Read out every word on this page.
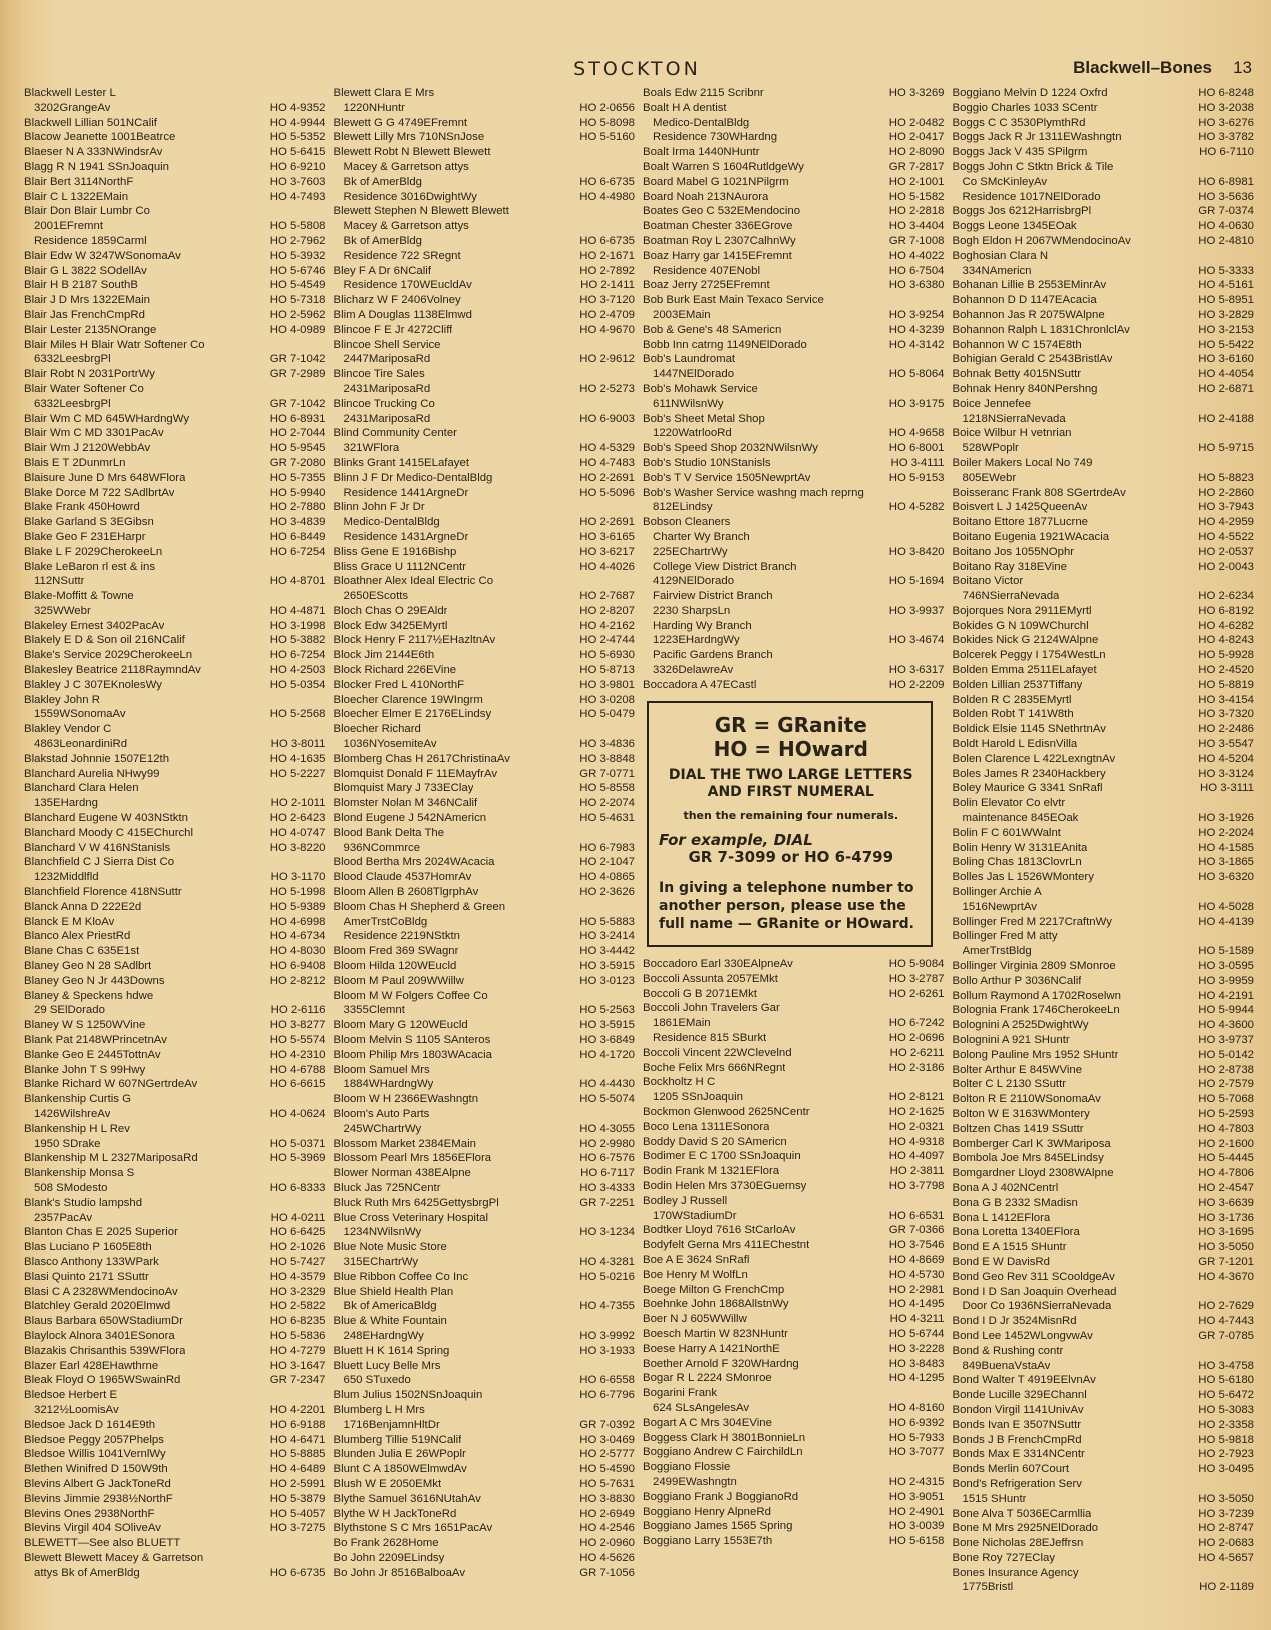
STOCKTON	Blackwell–Bones 13
Blackwell Lester L
3202GrangeAv	HO 4-9352
Blackwell Lillian 501NCalif	HO 4-9944
Blacow Jeanette 1001Beatrce	HO 5-5352
Blaeser N A 333NWindsrAv	HO 5-6415
Blagg R N 1941 SSnJoaquin	HO 6-9210
Blair Bert 3114NorthF	HO 3-7603
Blair C L 1322EMain	HO 4-7493
Blair Don Blair Lumbr Co
2001EFremnt	HO 5-5808
Residence 1859Carml	HO 2-7962
Blair Edw W 3247WSonomaAv	HO 5-3932
Blair G L 3822 SOdellAv	HO 5-6746
Blair H B 2187 SouthB	HO 5-4549
Blair J D Mrs 1322EMain	HO 5-7318
Blair Jas FrenchCmpRd	HO 2-5962
Blair Lester 2135NOrange	HO 4-0989
Blair Miles H Blair Watr Softener Co
6332LeesbrgPl	GR 7-1042
Blair Robt N 2031PortrWy	GR 7-2989
Blair Water Softener Co
6332LeesbrgPl	GR 7-1042
Blair Wm C MD 645WHardngWy	HO 6-8931
Blair Wm C MD 3301PacAv	HO 2-7044
Blair Wm J 2120WebbAv	HO 5-9545
Blais E T 2DunmrLn	GR 7-2080
Blaisure June D Mrs 648WFlora	HO 5-7355
Blake Dorce M 722 SAdlbrtAv	HO 5-9940
Blake Frank 450Howrd	HO 2-7880
Blake Garland S 3EGibsn	HO 3-4839
Blake Geo F 231EHarpr	HO 6-8449
Blake L F 2029CherokeeLn	HO 6-7254
Blake LeBaron rl est & ins
112NSuttr	HO 4-8701
Blake-Moffitt & Towne
325WWebr	HO 4-4871
Blakeley Ernest 3402PacAv	HO 3-1998
Blakely E D & Son oil 216NCalif	HO 5-3882
Blake's Service 2029CherokeeLn	HO 6-7254
Blakesley Beatrice 2118RaymndAv	HO 4-2503
Blakley J C 307EKnolesWy	HO 5-0354
Blakley John R
1559WSonomaAv	HO 5-2568
Blakley Vendor C
4863LeonardiniRd	HO 3-8011
Blakstad Johnnie 1507E12th	HO 4-1635
Blanchard Aurelia NHwy99	HO 5-2227
Blanchard Clara Helen
135EHardng	HO 2-1011
Blanchard Eugene W 403NStktn	HO 2-6423
Blanchard Moody C 415EChurchl	HO 4-0747
Blanchard V W 416NStanisls	HO 3-8220
Blanchfield C J Sierra Dist Co
1232Middlfld	HO 3-1170
Blanchfield Florence 418NSuttr	HO 5-1998
Blanck Anna D 222E2d	HO 5-9389
Blanck E M KloAv	HO 4-6998
Blanco Alex PriestRd	HO 4-6734
Blane Chas C 635E1st	HO 4-8030
Blaney Geo N 28 SAdlbrt	HO 6-9408
Blaney Geo N Jr 443Downs	HO 2-8212
Blaney & Speckens hdwe
29 SElDorado	HO 2-6116
Blaney W S 1250WVine	HO 3-8277
Blank Pat 2148WPrincetnAv	HO 5-5574
Blanke Geo E 2445TottnAv	HO 4-2310
Blanke John T S 99Hwy	HO 4-6788
Blanke Richard W 607NGertrdeAv	HO 6-6615
Blankenship Curtis G
1426WilshreAv	HO 4-0624
Blankenship H L Rev
1950 SDrake	HO 5-0371
Blankenship M L 2327MariposaRd	HO 5-3969
Blankenship Monsa S
508 SModesto	HO 6-8333
Blank's Studio lampshd
2357PacAv	HO 4-0211
Blanton Chas E 2025 Superior	HO 6-6425
Blas Luciano P 1605E8th	HO 2-1026
Blasco Anthony 133WPark	HO 5-7427
Blasi Quinto 2171 SSuttr	HO 4-3579
Blasi C A 2328WMendocinoAv	HO 3-2329
Blatchley Gerald 2020Elmwd	HO 2-5822
Blaus Barbara 650WStadiumDr	HO 6-8235
Blaylock Alnora 3401ESonora	HO 5-5836
Blazakis Chrisanthis 539WFlora	HO 4-7279
Blazer Earl 428EHawthrne	HO 3-1647
Bleak Floyd O 1965WSwainRd	GR 7-2347
Bledsoe Herbert E
3212½LoomisAv	HO 4-2201
Bledsoe Jack D 1614E9th	HO 6-9188
Bledsoe Peggy 2057Phelps	HO 4-6471
Bledsoe Willis 1041VernlWy	HO 5-8885
Blethen Winifred D 150W9th	HO 4-6489
Blevins Albert G JackToneRd	HO 2-5991
Blevins Jimmie 2938½NorthF	HO 5-3879
Blevins Ones 2938NorthF	HO 5-4057
Blevins Virgil 404 SOliveAv	HO 3-7275
BLEWETT—See also BLUETT
Blewett Blewett Macey & Garretson
attys Bk of AmerBldg	HO 6-6735
Blewett Clara E Mrs
1220NHuntr	HO 2-0656
Blewett G G 4749EFremnt	HO 5-8098
Blewett Lilly Mrs 710NSnJose	HO 5-5160
Blewett Robt N Blewett Blewett
Macey & Garretson attys
Bk of AmerBldg	HO 6-6735
Residence 3016DwightWy	HO 4-4980
Blewett Stephen N Blewett Blewett
Macey & Garretson attys
Bk of AmerBldg	HO 6-6735
Residence 722 SRegnt	HO 2-1671
Bley F A Dr 6NCalif	HO 2-7892
Residence 170WEucldAv	HO 2-1411
Blicharz W F 2406Volney	HO 3-7120
Blim A Douglas 1138Elmwd	HO 2-4709
Blincoe F E Jr 4272Cliff	HO 4-9670
Blincoe Shell Service
2447MariposaRd	HO 2-9612
Blincoe Tire Sales
2431MariposaRd	HO 2-5273
Blincoe Trucking Co
2431MariposaRd	HO 6-9003
Blind Community Center
321WFlora	HO 4-5329
Blinks Grant 1415ELafayet	HO 4-7483
Blinn J F Dr Medico-DentalBldg	HO 2-2691
Residence 1441ArgneDr	HO 5-5096
Blinn John F Jr Dr
Medico-DentalBldg	HO 2-2691
Residence 1431ArgneDr	HO 3-6165
Bliss Gene E 1916Bishp	HO 3-6217
Bliss Grace U 1112NCentr	HO 4-4026
Bloathner Alex Ideal Electric Co
2650EScotts	HO 2-7687
Bloch Chas O 29EAldr	HO 2-8207
Block Edw 3425EMyrtl	HO 4-2162
Block Henry F 2117½EHazltnAv	HO 2-4744
Block Jim 2144E6th	HO 5-6930
Block Richard 226EVine	HO 5-8713
Blocker Fred L 410NorthF	HO 3-9801
Bloecher Clarence 19WIngrm	HO 3-0208
Bloecher Elmer E 2176ELindsy	HO 5-0479
Bloecher Richard
1036NYosemiteAv	HO 3-4836
Blomberg Chas H 2617ChristinaAv	HO 3-8848
Blomquist Donald F 11EMayfrAv	GR 7-0771
Blomquist Mary J 733EClay	HO 5-8558
Blomster Nolan M 346NCalif	HO 2-2074
Blond Eugene J 542NAmericn	HO 5-4631
Blood Bank Delta The
936NCommrce	HO 6-7983
Blood Bertha Mrs 2024WAcacia	HO 2-1047
Blood Claude 4537HomrAv	HO 4-0865
Bloom Allen B 2608TlgrphAv	HO 2-3626
Bloom Chas H Shepherd & Green
AmerTrstCoBldg	HO 5-5883
Residence 2219NStktn	HO 3-2414
Bloom Fred 369 SWagnr	HO 3-4442
Bloom Hilda 120WEucld	HO 3-5915
Bloom M Paul 209WWillw	HO 3-0123
Bloom M W Folgers Coffee Co
3355Clemnt	HO 5-2563
Bloom Mary G 120WEucld	HO 3-5915
Bloom Melvin S 1105 SAnteros	HO 3-6849
Bloom Philip Mrs 1803WAcacia	HO 4-1720
Bloom Samuel Mrs
1884WHardngWy	HO 4-4430
Bloom W H 2366EWashngtn	HO 5-5074
Bloom's Auto Parts
245WChartrWy	HO 4-3055
Blossom Market 2384EMain	HO 2-9980
Blossom Pearl Mrs 1856EFlora	HO 6-7576
Blower Norman 438EAlpne	HO 6-7117
Bluck Jas 725NCentr	HO 3-4333
Bluck Ruth Mrs 6425GettysbrgPl	GR 7-2251
Blue Cross Veterinary Hospital
1234NWilsnWy	HO 3-1234
Blue Note Music Store
315EChartrWy	HO 4-3281
Blue Ribbon Coffee Co Inc	HO 5-0216
Blue Shield Health Plan
Bk of AmericaBldg	HO 4-7355
Blue & White Fountain
248EHardngWy	HO 3-9992
Bluett H K 1614 Spring	HO 3-1933
Bluett Lucy Belle Mrs
650 STuxedo	HO 6-6558
Blum Julius 1502NSnJoaquin	HO 6-7796
Blumberg L H Mrs
1716BenjamnHltDr	GR 7-0392
Blumberg Tillie 519NCalif	HO 3-0469
Blunden Julia E 26WPoplr	HO 2-5777
Blunt C A 1850WElmwdAv	HO 5-4590
Blush W E 2050EMkt	HO 5-7631
Blythe Samuel 3616NUtahAv	HO 3-8830
Blythe W H JackToneRd	HO 2-6949
Blythstone S C Mrs 1651PacAv	HO 4-2546
Bo Frank 2628Home	HO 2-0960
Bo John 2209ELindsy	HO 4-5626
Bo John Jr 8516BalboaAv	GR 7-1056
Boals Edw 2115 Scribnr	HO 3-3269
Boalt H A dentist
Medico-DentalBldg	HO 2-0482
Residence 730WHardng	HO 2-0417
Boalt Irma 1440NHuntr	HO 2-8090
Boalt Warren S 1604RutldgeWy	GR 7-2817
Board Mabel G 1021NPilgrm	HO 2-1001
Board Noah 213NAurora	HO 5-1582
Boates Geo C 532EMendocino	HO 2-2818
Boatman Chester 336EGrove	HO 3-4404
Boatman Roy L 2307CalhnWy	GR 7-1008
Boaz Harry gar 1415EFremnt	HO 4-4022
Residence 407ENobl	HO 6-7504
Boaz Jerry 2725EFremnt	HO 3-6380
Bob Burk East Main Texaco Service
2003EMain	HO 3-9254
Bob & Gene's 48 SAmericn	HO 4-3239
Bobb Inn catrng 1149NElDorado	HO 4-3142
Bob's Laundromat
1447NElDorado	HO 5-8064
Bob's Mohawk Service
611NWilsnWy	HO 3-9175
Bob's Sheet Metal Shop
1220WatrlooRd	HO 4-9658
Bob's Speed Shop 2032NWilsnWy	HO 6-8001
Bob's Studio 10NStanisls	HO 3-4111
Bob's T V Service 1505NewprtAv	HO 5-9153
Bob's Washer Service washng mach reprng
812ELindsy	HO 4-5282
Bobson Cleaners
Charter Wy Branch
225EChartrWy	HO 3-8420
College View District Branch
4129NElDorado	HO 5-1694
Fairview District Branch
2230 SharpsLn	HO 3-9937
Harding Wy Branch
1223EHardngWy	HO 3-4674
Pacific Gardens Branch
3326DelawreAv	HO 3-6317
Boccadora A 47ECastl	HO 2-2209
GR = GRanite
HO = HOward
DIAL THE TWO LARGE LETTERS AND FIRST NUMERAL
then the remaining four numerals.
For example, DIAL
GR 7-3099 or HO 6-4799
In giving a telephone number to another person, please use the full name — GRanite or HOward.
Boccadoro Earl 330EAlpneAv	HO 5-9084
Boccoli Assunta 2057EMkt	HO 3-2787
Boccoli G B 2071EMkt	HO 2-6261
Boccoli John Travelers Gar
1861EMain	HO 6-7242
Residence 815 SBurkt	HO 2-0696
Boccoli Vincent 22WClevelnd	HO 2-6211
Boche Felix Mrs 666NRegnt	HO 2-3186
Bockholtz H C
1205 SSnJoaquin	HO 2-8121
Bockmon Glenwood 2625NCentr	HO 2-1625
Boco Lena 1311ESonora	HO 2-0321
Boddy David S 20 SAmericn	HO 4-9318
Bodimer E C 1700 SSnJoaquin	HO 4-4097
Bodin Frank M 1321EFlora	HO 2-3811
Bodin Helen Mrs 3730EGuernsy	HO 3-7798
Bodley J Russell
170WStadiumDr	HO 6-6531
Bodtker Lloyd 7616 StCarloAv	GR 7-0366
Bodyfelt Gerna Mrs 411EChestnt	HO 3-7546
Boe A E 3624 SnRafl	HO 4-8669
Boe Henry M WolfLn	HO 4-5730
Boege Milton G FrenchCmp	HO 2-2981
Boehnke John 1868AllstnWy	HO 4-1495
Boer N J 605WWillw	HO 4-3211
Boesch Martin W 823NHuntr	HO 5-6744
Boese Harry A 1421NorthE	HO 3-2228
Boether Arnold F 320WHardng	HO 3-8483
Bogar R L 2224 SMonroe	HO 4-1295
Bogarini Frank
624 SLsAngelesAv	HO 4-8160
Bogart A C Mrs 304EVine	HO 6-9392
Boggess Clark H 3801BonnieLn	HO 5-7933
Boggiano Andrew C FairchildLn	HO 3-7077
Boggiano Flossie
2499EWashngtn	HO 2-4315
Boggiano Frank J BoggianoRd	HO 3-9051
Boggiano Henry AlpneRd	HO 2-4901
Boggiano James 1565 Spring	HO 3-0039
Boggiano Larry 1553E7th	HO 5-6158
Boggiano Melvin D 1224 Oxfrd	HO 6-8248
Boggio Charles 1033 SCentr	HO 3-2038
Boggs C C 3530PlymthRd	HO 3-6276
Boggs Jack R Jr 1311EWashngtn	HO 3-3782
Boggs Jack V 435 SPilgrm	HO 6-7110
Boggs John C Stktn Brick & Tile
Co SMcKinleyAv	HO 6-8981
Residence 1017NElDorado	HO 3-5636
Boggs Jos 6212HarrisbrgPl	GR 7-0374
Boggs Leone 1345EOak	HO 4-0630
Bogh Eldon H 2067WMendocinoAv	HO 2-4810
Boghosian Clara N
334NAmericn	HO 5-3333
Bohanan Lillie B 2553EMinrAv	HO 4-5161
Bohannon D D 1147EAcacia	HO 5-8951
Bohannon Jas R 2075WAlpne	HO 3-2829
Bohannon Ralph L 1831ChronlclAv	HO 3-2153
Bohannon W C 1574E8th	HO 5-5422
Bohigian Gerald C 2543BristlAv	HO 3-6160
Bohnak Betty 4015NSuttr	HO 4-4054
Bohnak Henry 840NPershng	HO 2-6871
Boice Jennefee
1218NSierraNevada	HO 2-4188
Boice Wilbur H vetnrian
528WPoplr	HO 5-9715
Boiler Makers Local No 749
805EWebr	HO 5-8823
Boisseranc Frank 808 SGertrdeAv	HO 2-2860
Boisvert L J 1425QueenAv	HO 3-7943
Boitano Ettore 1877Lucrne	HO 4-2959
Boitano Eugenia 1921WAcacia	HO 4-5522
Boitano Jos 1055NOphr	HO 2-0537
Boitano Ray 318EVine	HO 2-0043
Boitano Victor
746NSierraNevada	HO 2-6234
Bojorques Nora 2911EMyrtl	HO 6-8192
Bokides G N 109WChurchl	HO 4-6282
Bokides Nick G 2124WAlpne	HO 4-8243
Bolcerek Peggy I 1754WestLn	HO 5-9928
Bolden Emma 2511ELafayet	HO 2-4520
Bolden Lillian 2537Tiffany	HO 5-8819
Bolden R C 2835EMyrtl	HO 3-4154
Bolden Robt T 141W8th	HO 3-7320
Boldick Elsie 1145 SNethrtnAv	HO 2-2486
Boldt Harold L EdisnVilla	HO 3-5547
Bolen Clarence L 422LexngtnAv	HO 4-5204
Boles James R 2340Hackbery	HO 3-3124
Boley Maurice G 3341 SnRafl	HO 3-3111
Bolin Elevator Co elvtr
maintenance 845EOak	HO 3-1926
Bolin F C 601WWalnt	HO 2-2024
Bolin Henry W 3131EAnita	HO 4-1585
Boling Chas 1813ClovrLn	HO 3-1865
Bolles Jas L 1526WMontery	HO 3-6320
Bollinger Archie A
1516NewprtAv	HO 4-5028
Bollinger Fred M 2217CraftnWy	HO 4-4139
Bollinger Fred M atty
AmerTrstBldg	HO 5-1589
Bollinger Virginia 2809 SMonroe	HO 3-0595
Bollo Arthur P 3036NCalif	HO 3-9959
Bollum Raymond A 1702Roselwn	HO 4-2191
Bolognia Frank 1746CherokeeLn	HO 5-9944
Bolognini A 2525DwightWy	HO 4-3600
Bolognini A 921 SHuntr	HO 3-9737
Bolong Pauline Mrs 1952 SHuntr	HO 5-0142
Bolter Arthur E 845WVine	HO 2-8738
Bolter C L 2130 SSuttr	HO 2-7579
Bolton R E 2110WSonomaAv	HO 5-7068
Bolton W E 3163WMontery	HO 5-2593
Boltzen Chas 1419 SSuttr	HO 4-7803
Bomberger Carl K 3WMariposa	HO 2-1600
Bombola Joe Mrs 845ELindsy	HO 5-4445
Bomgardner Lloyd 2308WAlpne	HO 4-7806
Bona A J 402NCentrl	HO 2-4547
Bona G B 2332 SMadisn	HO 3-6639
Bona L 1412EFlora	HO 3-1736
Bona Loretta 1340EFlora	HO 3-1695
Bond E A 1515 SHuntr	HO 3-5050
Bond E W DavisRd	GR 7-1201
Bond Geo Rev 311 SCooldgeAv	HO 4-3670
Bond I D San Joaquin Overhead
Door Co 1936NSierraNevada	HO 2-7629
Bond I D Jr 3524MisnRd	HO 4-7443
Bond Lee 1452WLongvwAv	GR 7-0785
Bond & Rushing contr
849BuenaVstaAv	HO 3-4758
Bond Walter T 4919EElvnAv	HO 5-6180
Bonde Lucille 329EChannl	HO 5-6472
Bondon Virgil 1141UnivAv	HO 5-3083
Bonds Ivan E 3507NSuttr	HO 2-3358
Bonds J B FrenchCmpRd	HO 5-9818
Bonds Max E 3314NCentr	HO 2-7923
Bonds Merlin 607Court	HO 3-0495
Bond's Refrigeration Serv
1515 SHuntr	HO 3-5050
Bone Alva T 5036ECarmllia	HO 3-7239
Bone M Mrs 2925NElDorado	HO 2-8747
Bone Nicholas 28EJeffrsn	HO 2-0683
Bone Roy 727EClay	HO 4-5657
Bones Insurance Agency
1775Bristl	HO 2-1189
